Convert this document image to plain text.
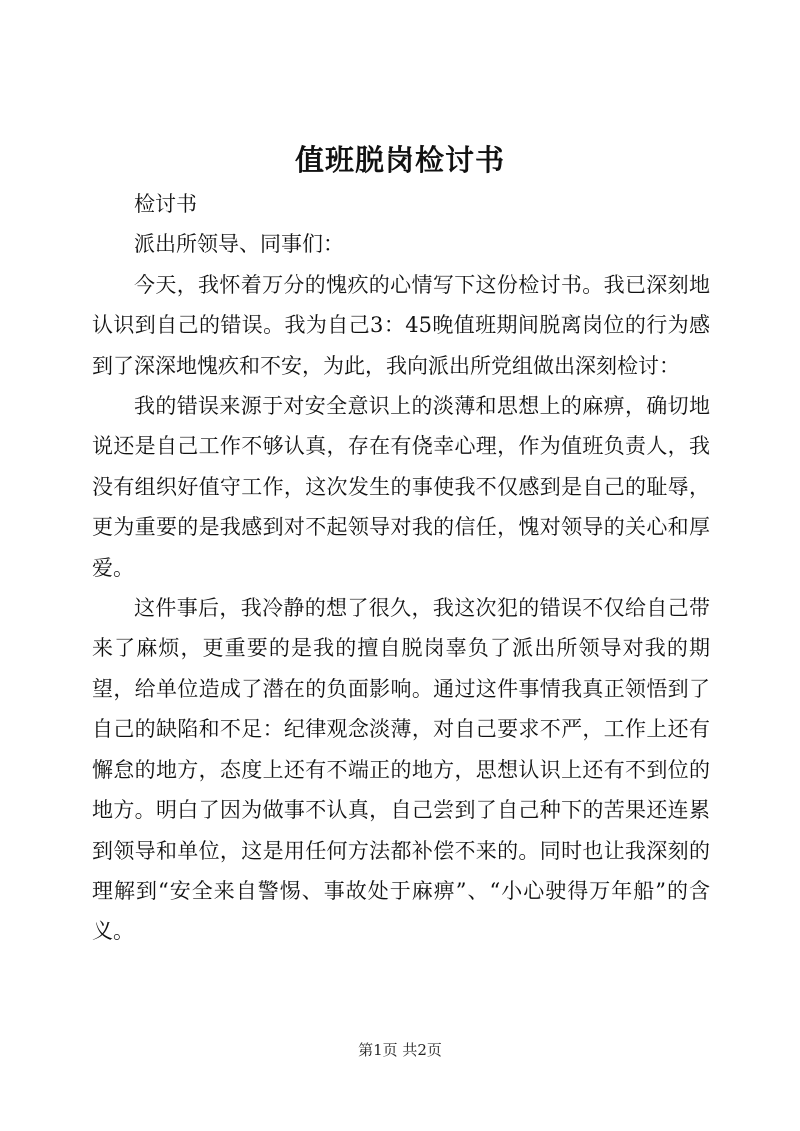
值班脱岗检讨书

检讨书

派出所领导、同事们：

今天，我怀着万分的愧疚的心情写下这份检讨书。我已深刻地认识到自己的错误。我为自己3：45晚值班期间脱离岗位的行为感到了深深地愧疚和不安，为此，我向派出所党组做出深刻检讨：

我的错误来源于对安全意识上的淡薄和思想上的麻痹，确切地说还是自己工作不够认真，存在有侥幸心理，作为值班负责人，我没有组织好值守工作，这次发生的事使我不仅感到是自己的耻辱，更为重要的是我感到对不起领导对我的信任，愧对领导的关心和厚爱。

这件事后，我冷静的想了很久，我这次犯的错误不仅给自己带来了麻烦，更重要的是我的擅自脱岗辜负了派出所领导对我的期望，给单位造成了潜在的负面影响。通过这件事情我真正领悟到了自己的缺陷和不足：纪律观念淡薄，对自己要求不严，工作上还有懈怠的地方，态度上还有不端正的地方，思想认识上还有不到位的地方。明白了因为做事不认真，自己尝到了自己种下的苦果还连累到领导和单位，这是用任何方法都补偿不来的。同时也让我深刻的理解到“安全来自警惕、事故处于麻痹”、“小心驶得万年船”的含义。

第1页 共2页
